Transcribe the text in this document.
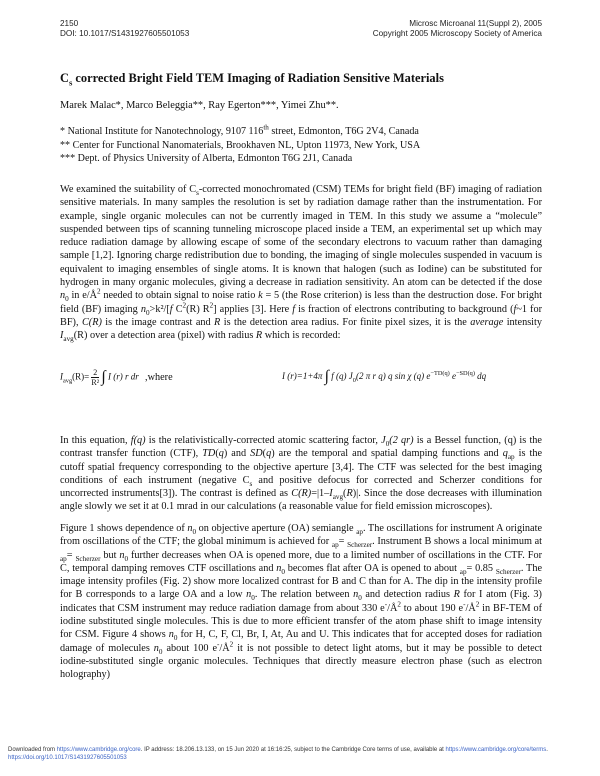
2150
DOI: 10.1017/S1431927605501053
Microsc Microanal 11(Suppl 2), 2005
Copyright 2005 Microscopy Society of America
$C_s$ corrected Bright Field TEM Imaging of Radiation Sensitive Materials
Marek Malac*, Marco Beleggia**, Ray Egerton***, Yimei Zhu**.
* National Institute for Nanotechnology, 9107 116th street, Edmonton, T6G 2V4, Canada
** Center for Functional Nanomaterials, Brookhaven NL, Upton 11973, New York, USA
*** Dept. of Physics University of Alberta, Edmonton T6G 2J1, Canada

We examined the suitability of $C_s$-corrected monochromated (CSM) TEMs for bright field (BF) imaging of radiation sensitive materials. In many samples the resolution is set by radiation damage rather than the instrumentation. For example, single organic molecules can not be currently imaged in TEM. In this study we assume a “molecule” suspended between tips of scanning tunneling microscope placed inside a TEM, an experimental set up which may reduce radiation damage by allowing escape of some of the secondary electrons to vacuum rather than damaging sample [1,2]. Ignoring charge redistribution due to bonding, the imaging of single molecules suspended in vacuum is equivalent to imaging ensembles of single atoms. It is known that halogen (such as Iodine) can be substituted for hydrogen in many organic molecules, giving a decrease in radiation sensitivity. An atom can be detected if the dose $n_0$ in $e/Å^2$ needed to obtain signal to noise ratio k = 5 (the Rose criterion) is less than the destruction dose. For bright field (BF) imaging $n_0>k^2/[f$ $C^2(R)$ $R^2$] applies [3]. Here f is fraction of electrons contributing to background (f~1 for BF), C(R) is the image contrast and R is the detection area radius. For finite pixel sizes, it is the average intensity $I_{avg}(R)$ over a detection area (pixel) with radius R which is recorded:

$I_{avg}(R)= \frac{2}{\text{R²}}$ ∫ I (r) r dr ,where	I (r)=1+4π ∫ f (q) $J_0(2$ π r q) q sin χ (q) $e^{-TD(q)}$ $e^{-SD(q)}$ dq

In this equation, f(q) is the relativistically-corrected atomic scattering factor, $J_0(2$ qr) is a Bessel function, (q) is the contrast transfer function (CTF), TD(q) and SD(q) are the temporal and spatial damping functions and $q_{ap}$ is the cutoff spatial frequency corresponding to the objective aperture [3,4]. The CTF was selected for the best imaging conditions of each instrument (negative $C_s$ and positive defocus for corrected and Scherzer conditions for uncorrected instruments[3]). The contrast is defined as $C(R)=|1-I_{avg}(R)|$. Since the dose decreases with illumination angle slowly we set it at 0.1 mrad in our calculations (a reasonable value for field emission microscopes).

Figure 1 shows dependence of $n_0$ on objective aperture (OA) semiangle $_{ap}$. The oscillations for instrument A originate from oscillations of the CTF; the global minimum is achieved for $_{ap}$= $_{Scherzer}$. Instrument B shows a local minimum at $_{ap}$= $_{Scherzer}$ but $n_0$ further decreases when OA is opened more, due to a limited number of oscillations in the CTF. For C, temporal damping removes CTF oscillations and $n_0$ becomes flat after OA is opened to about $_{ap}$= 0.85 $_{Scherzer}$. The image intensity profiles (Fig. 2) show more localized contrast for B and C than for A. The dip in the intensity profile for B corresponds to a large OA and a low $n_0$. The relation between $n_0$ and detection radius R for I atom (Fig. 3) indicates that CSM instrument may reduce radiation damage from about 330 $e^-/Å^2$ to about 190 $e^-/Å^2$ in BF-TEM of iodine substituted single molecules. This is due to more efficient transfer of the atom phase shift to image intensity for CSM. Figure 4 shows $n_0$ for H, C, F, Cl, Br, I, At, Au and U. This indicates that for accepted doses for radiation damage of molecules $n_0$ about 100 $e^-/Å^2$ it is not possible to detect light atoms, but it may be possible to detect iodine-substituted single organic molecules. Techniques that directly measure electron phase (such as electron holography)

Downloaded from https://www.cambridge.org/core. IP address: 18.206.13.133, on 15 Jun 2020 at 16:16:25, subject to the Cambridge Core terms of use, available at https://www.cambridge.org/core/terms.
https://doi.org/10.1017/S1431927605501053
